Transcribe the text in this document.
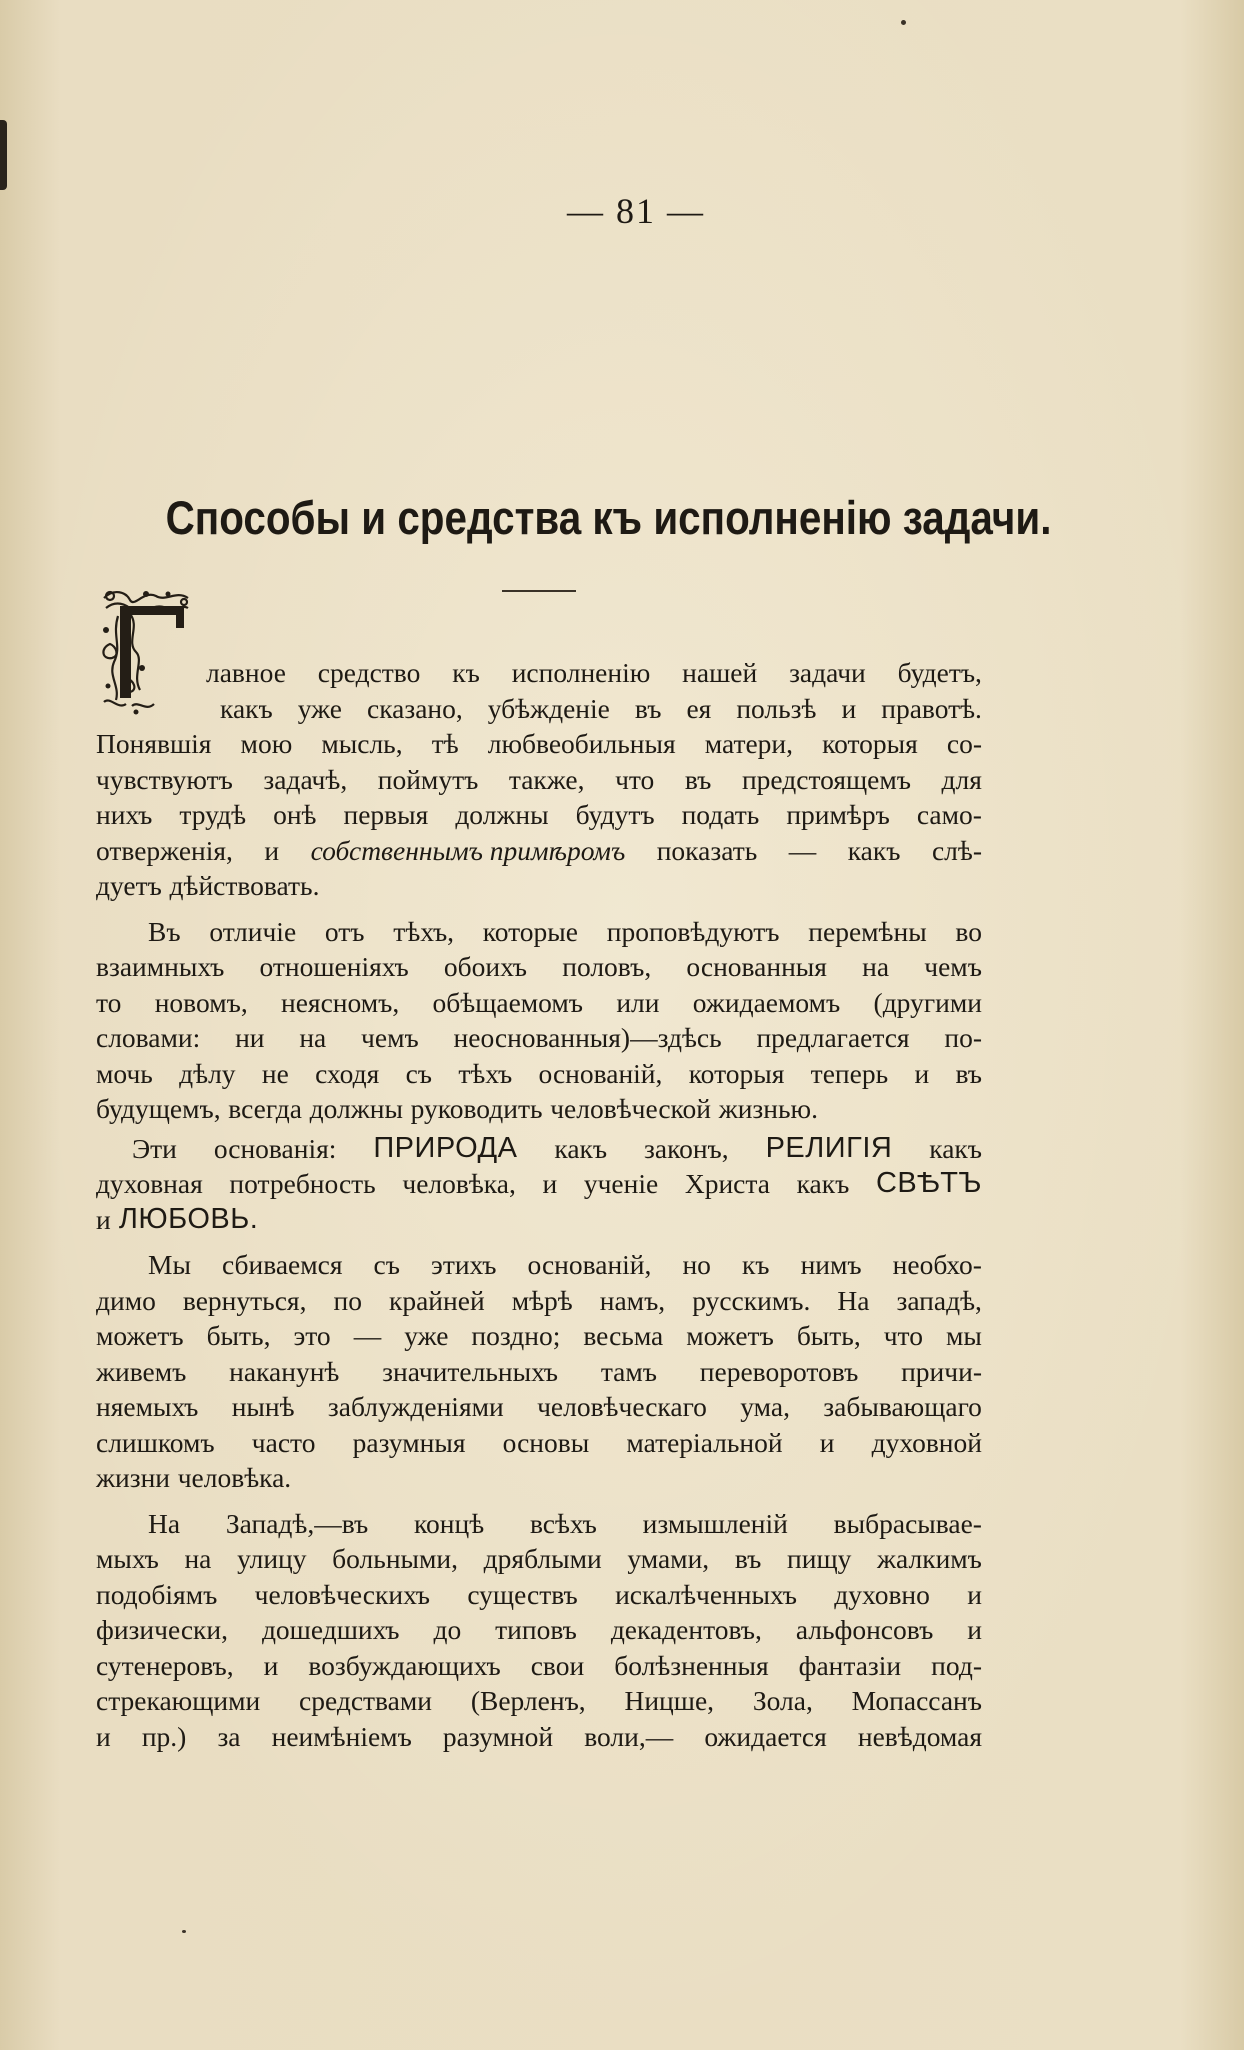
— 81 —
Способы и средства къ исполненію задачи.
лавное средство къ исполненію нашей задачи будетъ,
какъ уже сказано, убѣжденіе въ ея пользѣ и правотѣ.
Понявшія мою мысль, тѣ любвеобильныя матери, которыя со-
чувствуютъ задачѣ, поймутъ также, что въ предстоящемъ для
нихъ трудѣ онѣ первыя должны будутъ подать примѣръ само-
отверженія, и собственнымъ примѣромъ показать — какъ слѣ-
дуетъ дѣйствовать.
Въ отличіе отъ тѣхъ, которые проповѣдуютъ перемѣны во
взаимныхъ отношеніяхъ обоихъ половъ, основанныя на чемъ
то новомъ, неясномъ, обѣщаемомъ или ожидаемомъ (другими
словами: ни на чемъ неоснованныя)—здѣсь предлагается по-
мочь дѣлу не сходя съ тѣхъ основаній, которыя теперь и въ
будущемъ, всегда должны руководить человѣческой жизнью.
Эти основанія: ПРИРОДА какъ законъ, РЕЛИГІЯ какъ
духовная потребность человѣка, и ученіе Христа какъ СВѢТЪ
и ЛЮБОВЬ.
Мы сбиваемся съ этихъ основаній, но къ нимъ необхо-
димо вернуться, по крайней мѣрѣ намъ, русскимъ. На западѣ,
можетъ быть, это — уже поздно; весьма можетъ быть, что мы
живемъ наканунѣ значительныхъ тамъ переворотовъ причи-
няемыхъ нынѣ заблужденіями человѣческаго ума, забывающаго
слишкомъ часто разумныя основы матеріальной и духовной
жизни человѣка.
На Западѣ,—въ концѣ всѣхъ измышленій выбрасывае-
мыхъ на улицу больными, дряблыми умами, въ пищу жалкимъ
подобіямъ человѣческихъ существъ искалѣченныхъ духовно и
физически, дошедшихъ до типовъ декадентовъ, альфонсовъ и
сутенеровъ, и возбуждающихъ свои болѣзненныя фантазіи под-
стрекающими средствами (Верленъ, Ницше, Зола, Мопассанъ
и пр.) за неимѣніемъ разумной воли,— ожидается невѣдомая
